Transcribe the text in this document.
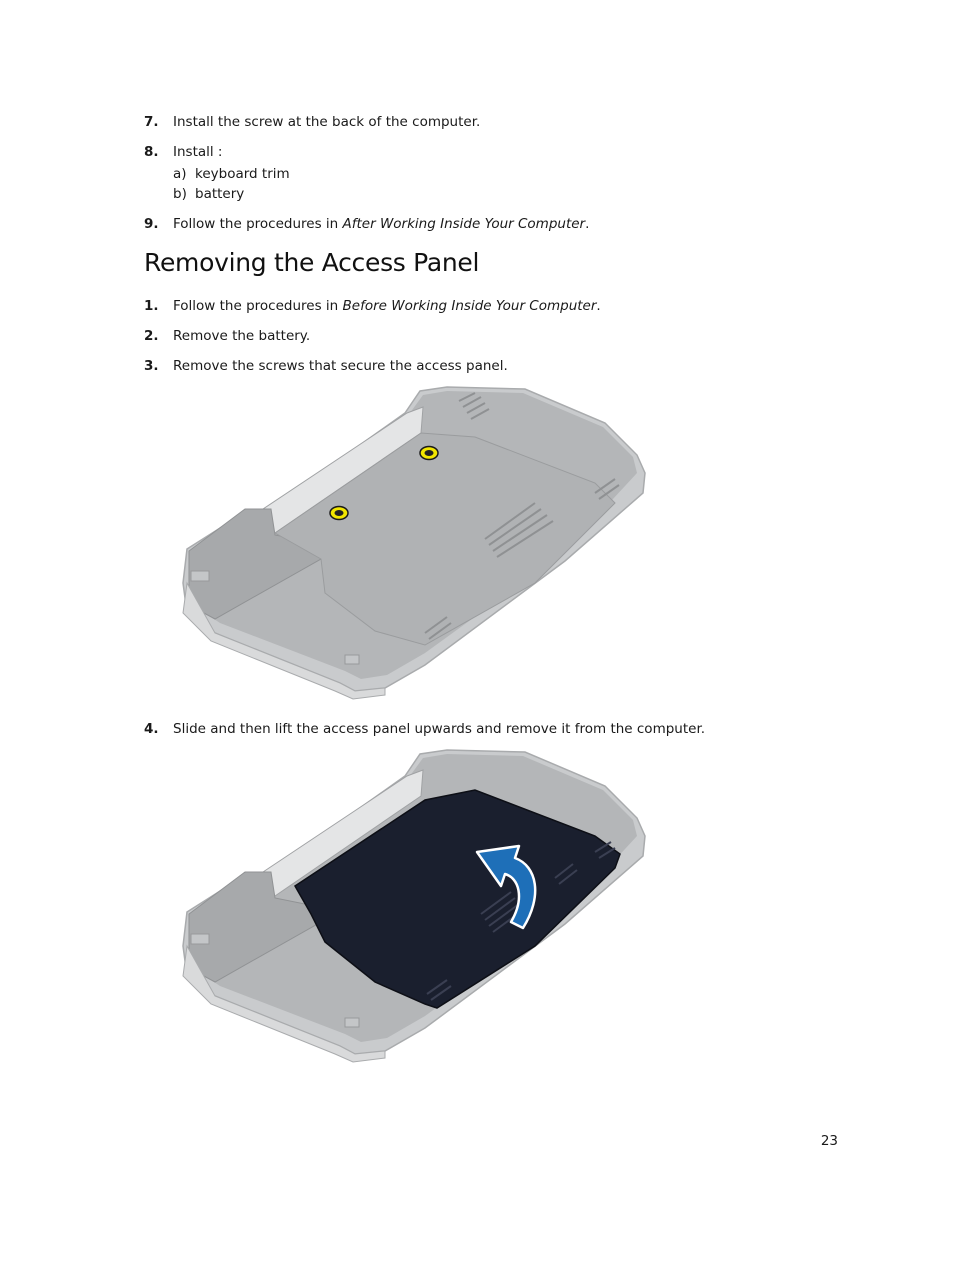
7. Install the screw at the back of the computer.
8. Install :
a) keyboard trim
b) battery
9. Follow the procedures in After Working Inside Your Computer.
Removing the Access Panel
1. Follow the procedures in Before Working Inside Your Computer.
2. Remove the battery.
3. Remove the screws that secure the access panel.
4. Slide and then lift the access panel upwards and remove it from the computer.
23
